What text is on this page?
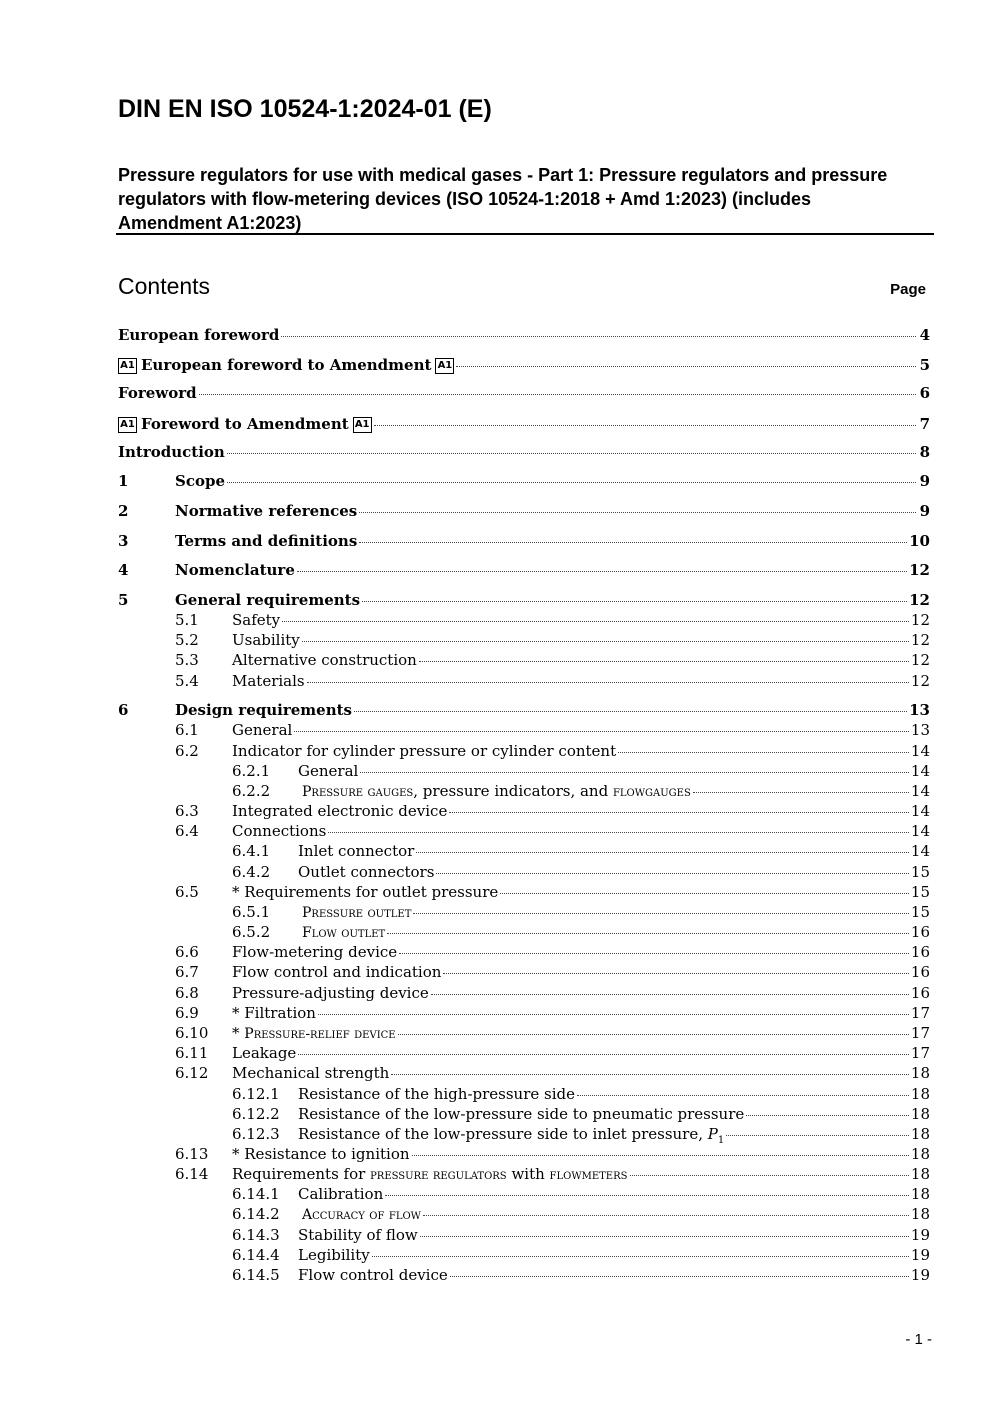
DIN EN ISO 10524-1:2024-01 (E)
Pressure regulators for use with medical gases - Part 1: Pressure regulators and pressure regulators with flow-metering devices (ISO 10524-1:2018 + Amd 1:2023) (includes Amendment A1:2023)
Contents	Page
European foreword	4
A1 European foreword to Amendment A1	5
Foreword	6
A1 Foreword to Amendment A1	7
Introduction	8
1	Scope	9
2	Normative references	9
3	Terms and definitions	10
4	Nomenclature	12
5	General requirements	12
5.1 Safety	12
5.2 Usability	12
5.3 Alternative construction	12
5.4 Materials	12
6	Design requirements	13
6.1 General	13
6.2 Indicator for cylinder pressure or cylinder content	14
6.2.1 General	14
6.2.2 Pressure gauges, pressure indicators, and flowgauges	14
6.3 Integrated electronic device	14
6.4 Connections	14
6.4.1 Inlet connector	14
6.4.2 Outlet connectors	15
6.5 * Requirements for outlet pressure	15
6.5.1 Pressure outlet	15
6.5.2 Flow outlet	16
6.6 Flow-metering device	16
6.7 Flow control and indication	16
6.8 Pressure-adjusting device	16
6.9 * Filtration	17
6.10 * Pressure-relief device	17
6.11 Leakage	17
6.12 Mechanical strength	18
6.12.1 Resistance of the high-pressure side	18
6.12.2 Resistance of the low-pressure side to pneumatic pressure	18
6.12.3 Resistance of the low-pressure side to inlet pressure, $P_1$	18
6.13 * Resistance to ignition	18
6.14 Requirements for pressure regulators with flowmeters	18
6.14.1 Calibration	18
6.14.2 Accuracy of flow	18
6.14.3 Stability of flow	19
6.14.4 Legibility	19
6.14.5 Flow control device	19
- 1 -
